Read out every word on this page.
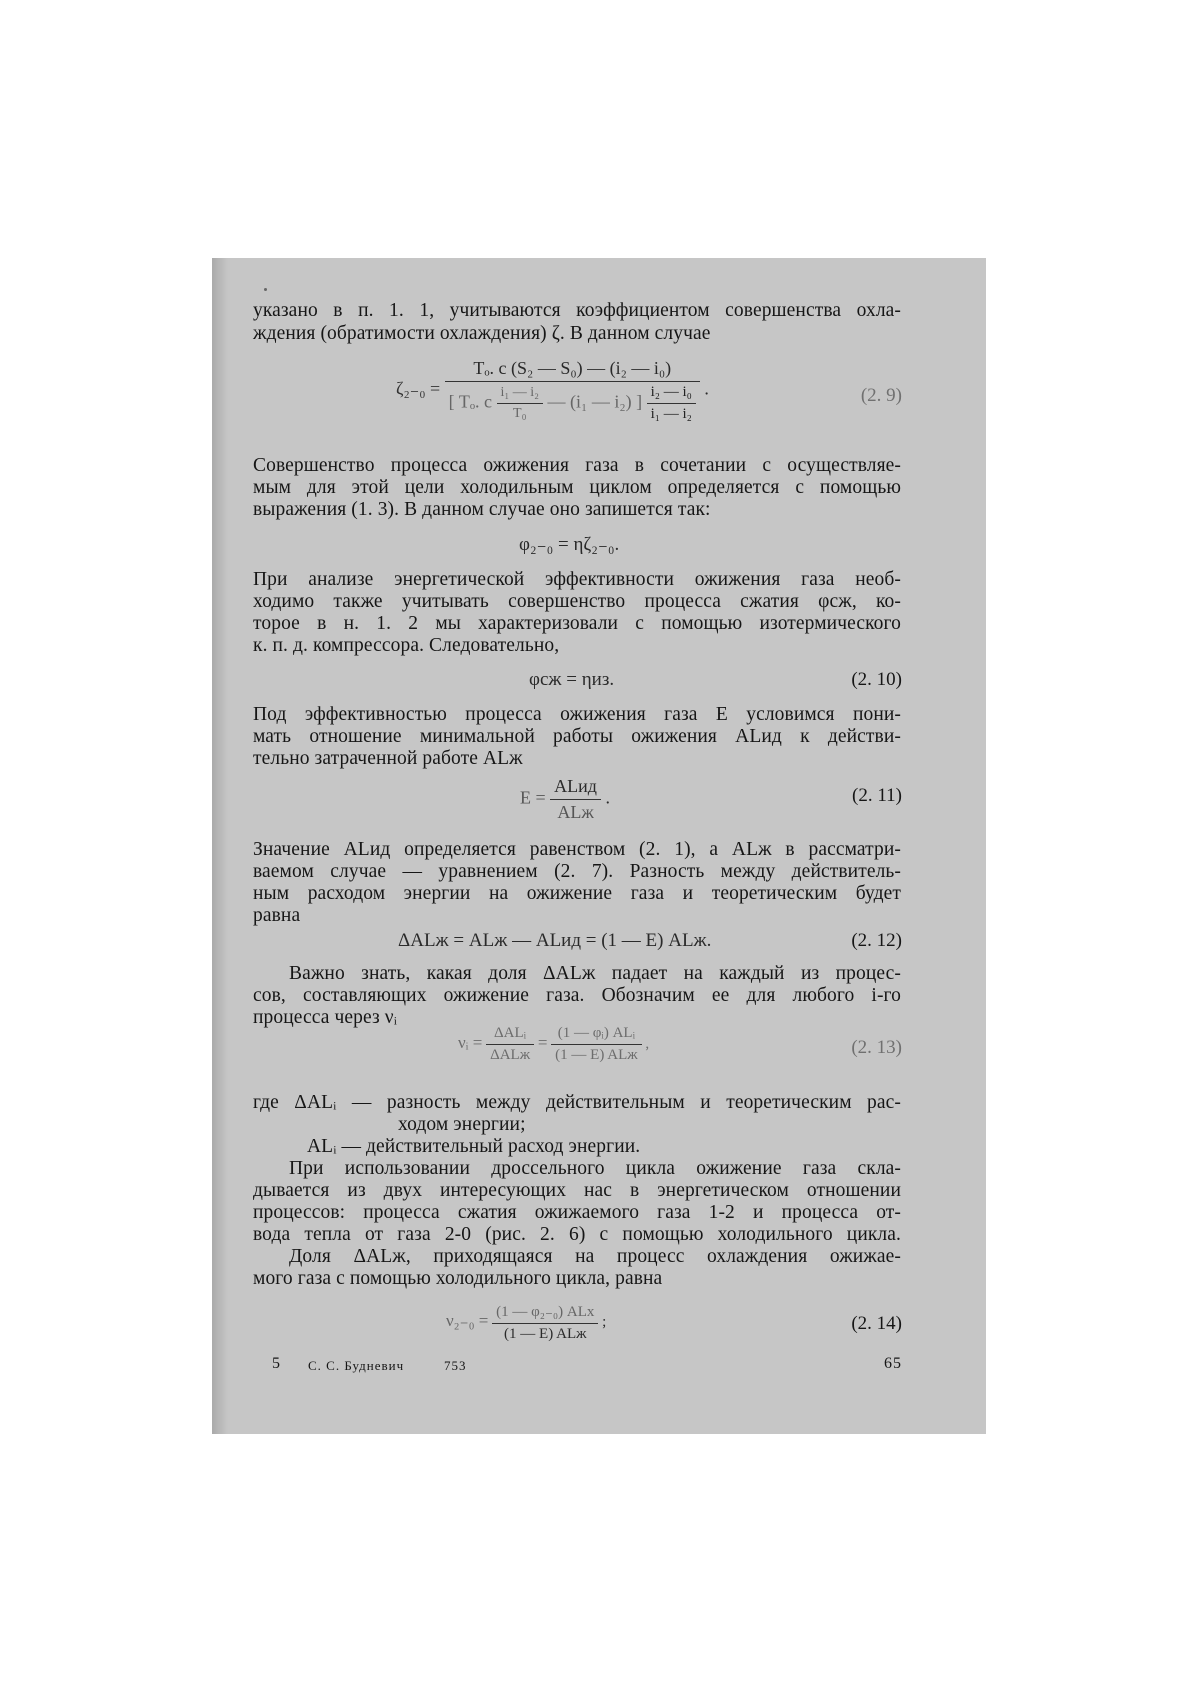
указано в п. 1. 1, учитываются коэффициентом совершенства охла-
ждения (обратимости охлаждения) ζ. В данном случае
ζ₂₋₀ =
Tₒ. с (S₂ — S₀) — (i₂ — i₀)
[ Tₒ. с $\frac{\text{i₁ — i₂}}{\text{T₀}}$ — (i₁ — i₂) ] $\frac{\text{i₂ — i₀}}{\text{i₁ — i₂}}$ .	(2. 9)
Совершенство процесса ожижения газа в сочетании с осуществляе-
мым для этой цели холодильным циклом определяется с помощью
выражения (1. 3). В данном случае оно запишется так:
φ₂₋₀ = ηζ₂₋₀.
При анализе энергетической эффективности ожижения газа необ-
ходимо также учитывать совершенство процесса сжатия φсж, ко-
торое в н. 1. 2 мы характеризовали с помощью изотермического
к. п. д. компрессора. Следовательно,
φсж = ηиз.	(2. 10)
Под эффективностью процесса ожижения газа E условимся пони-
мать отношение минимальной работы ожижения ALид к действи-
тельно затраченной работе ALж
$E = \frac{\text{ALид}}{\text{ALж}}$ .	(2. 11)
Значение ALид определяется равенством (2. 1), а ALж в рассматри-
ваемом случае — уравнением (2. 7). Разность между действитель-
ным расходом энергии на ожижение газа и теоретическим будет
равна
ΔALж = ALж — ALид = (1 — E) ALж.	(2. 12)
Важно знать, какая доля ΔALж падает на каждый из процес-
сов, составляющих ожижение газа. Обозначим ее для любого i-го
процесса через νᵢ
νᵢ = $\frac{\text{ΔALᵢ}}{\text{ΔALж}} = \frac{\text{(1 — φᵢ) ALᵢ}}{\text{(1 — E) ALж}}$ ,	(2. 13)
где ΔALᵢ — разность между действительным и теоретическим рас-
ходом энергии;
ALᵢ — действительный расход энергии.
При использовании дроссельного цикла ожижение газа скла-
дывается из двух интересующих нас в энергетическом отношении
процессов: процесса сжатия ожижаемого газа 1-2 и процесса от-
вода тепла от газа 2-0 (рис. 2. 6) с помощью холодильного цикла.
Доля ΔALж, приходящаяся на процесс охлаждения ожижае-
мого газа с помощью холодильного цикла, равна
$\nu_{2-0} = \frac{\text{(1 — φ₂₋₀) ALx}}{\text{(1 — E) ALж}}$ ;	(2. 14)
5 С. С. Будневич	753	65
